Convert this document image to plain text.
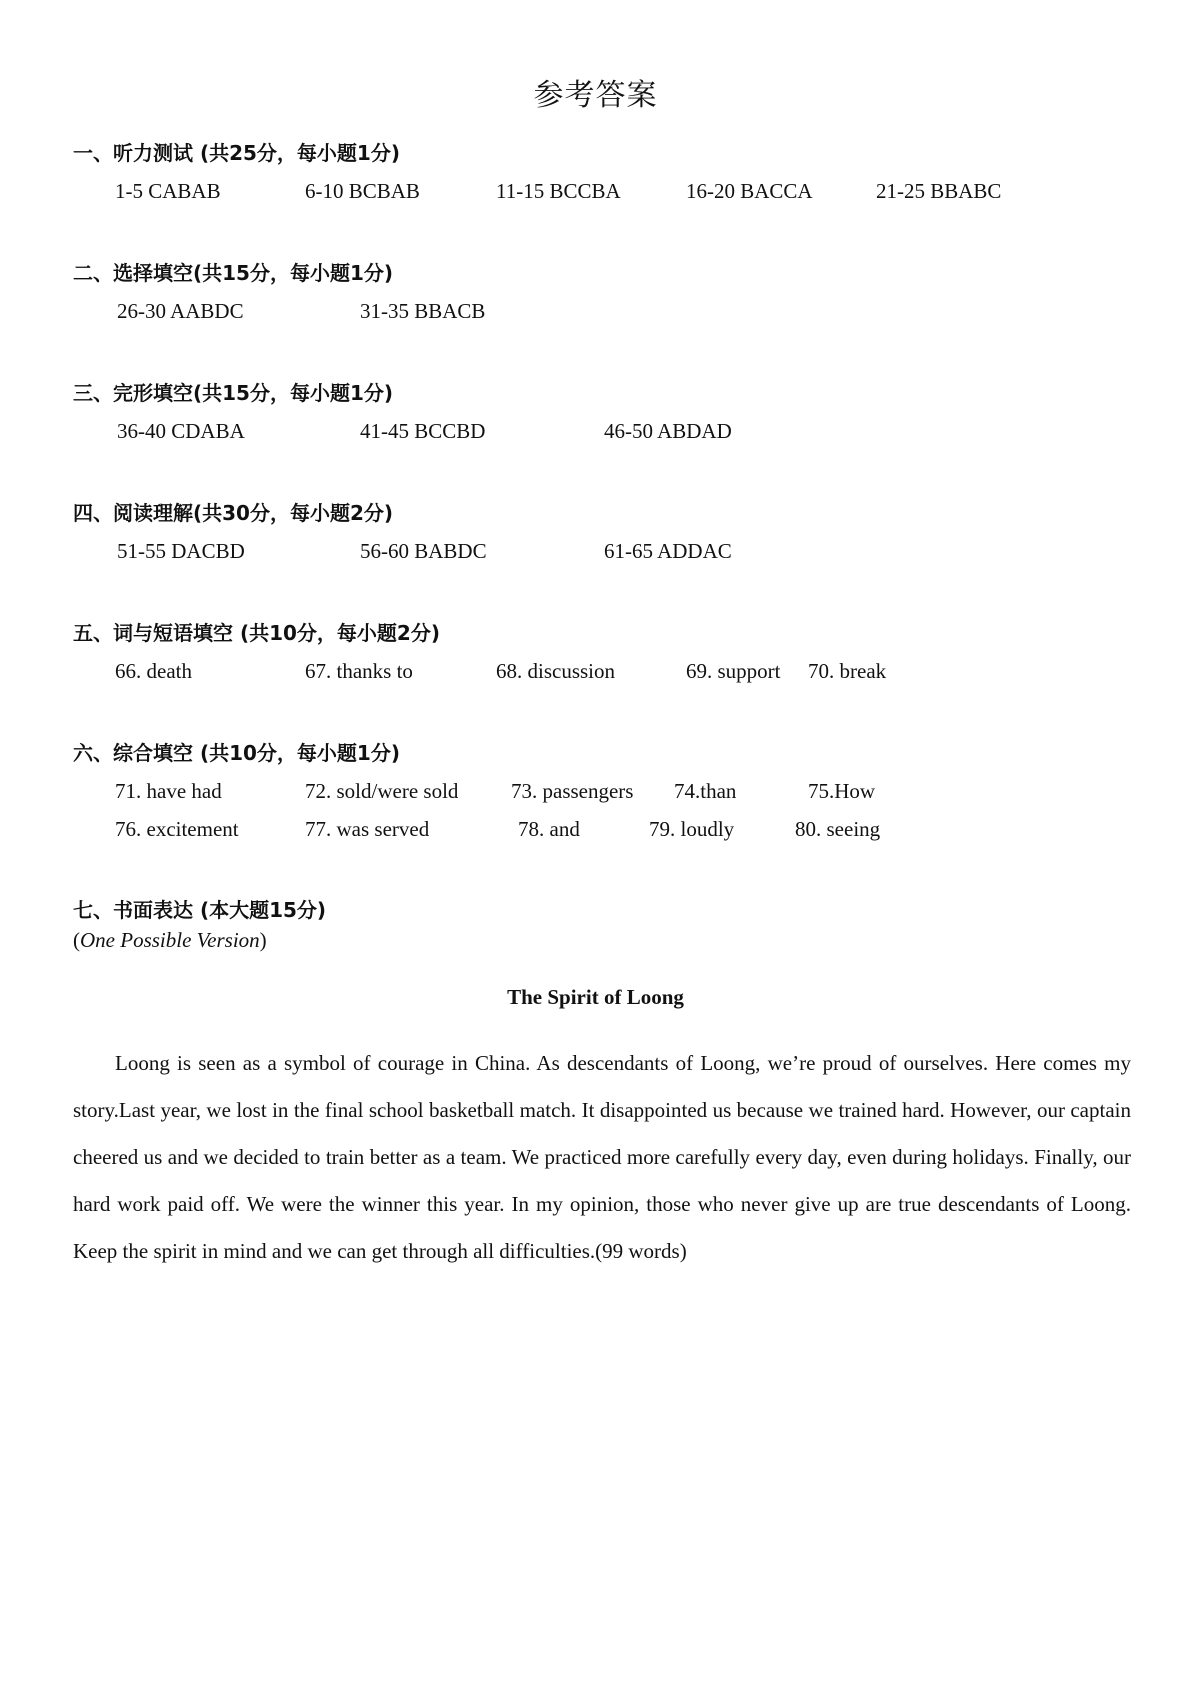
参考答案
一、听力测试 (共25分，每小题1分)
1-5 CABAB	6-10 BCBAB	11-15 BCCBA	16-20 BACCA	21-25 BBABC
二、选择填空(共15分，每小题1分)
26-30 AABDC	31-35 BBACB
三、完形填空(共15分，每小题1分)
36-40 CDABA	41-45 BCCBD	46-50 ABDAD
四、阅读理解(共30分，每小题2分)
51-55 DACBD	56-60 BABDC	61-65 ADDAC
五、词与短语填空 (共10分，每小题2分)
66. death	67. thanks to	68. discussion	69. support 70. break
六、综合填空 (共10分，每小题1分)
71. have had	72. sold/were sold	73. passengers 74.than	75.How
76. excitement	77. was served	78. and	79. loudly	80. seeing
七、书面表达 (本大题15分)
(One Possible Version)
The Spirit of Loong
Loong is seen as a symbol of courage in China. As descendants of Loong, we’re proud of ourselves. Here comes my story.Last year, we lost in the final school basketball match. It disappointed us because we trained hard. However, our captain cheered us and we decided to train better as a team. We practiced more carefully every day, even during holidays. Finally, our hard work paid off. We were the winner this year. In my opinion, those who never give up are true descendants of Loong. Keep the spirit in mind and we can get through all difficulties.(99 words)
